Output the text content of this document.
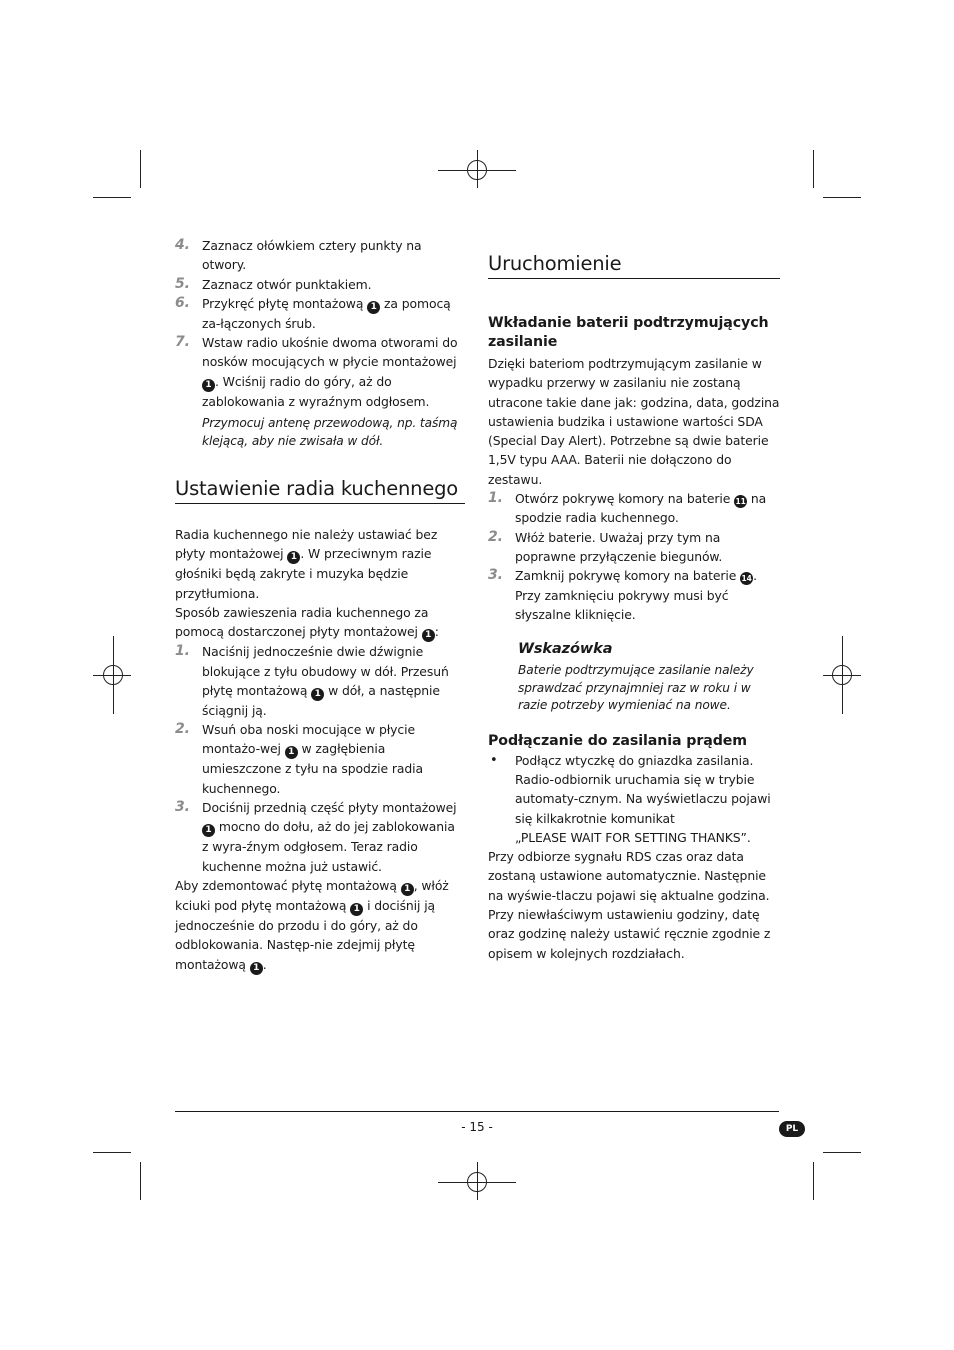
4. Zaznacz ołówkiem cztery punkty na otwory.
5. Zaznacz otwór punktakiem.
6. Przykręć płytę montażową 1 za pomocą za-łączonych śrub.
7. Wstaw radio ukośnie dwoma otworami do nosków mocujących w płycie montażowej 1 . Wciśnij radio do góry, aż do zablokowania z wyraźnym odgłosem.
Przymocuj antenę przewodową, np. taśmą klejącą, aby nie zwisała w dół.
Ustawienie radia kuchennego
Radia kuchennego nie należy ustawiać bez płyty montażowej 1 . W przeciwnym razie głośniki będą zakryte i muzyka będzie przytłumiona.
Sposób zawieszenia radia kuchennego za pomocą dostarczonej płyty montażowej 1 :
1. Naciśnij jednocześnie dwie dźwignie blokujące z tyłu obudowy w dół. Przesuń płytę montażową 1 w dół, a następnie ściągnij ją.
2. Wsuń oba noski mocujące w płycie montażo-wej 1 w zagłębienia umieszczone z tyłu na spodzie radia kuchennego.
3. Dociśnij przednią część płyty montażowej 1 mocno do dołu, aż do jej zablokowania z wyra-źnym odgłosem. Teraz radio kuchenne można już ustawić.
Aby zdemontować płytę montażową 1 , włóż kciuki pod płytę montażową 1 i dociśnij ją jednocześnie do przodu i do góry, aż do odblokowania. Następ-nie zdejmij płytę montażową 1 .
Uruchomienie
Wkładanie baterii podtrzymujących zasilanie
Dzięki bateriom podtrzymującym zasilanie w wypadku przerwy w zasilaniu nie zostaną utracone takie dane jak: godzina, data, godzina ustawienia budzika i ustawione wartości SDA (Special Day Alert). Potrzebne są dwie baterie 1,5V typu AAA. Baterii nie dołączono do zestawu.
1. Otwórz pokrywę komory na baterie 11 na spodzie radia kuchennego.
2. Włóż baterie. Uważaj przy tym na poprawne przyłączenie biegunów.
3. Zamknij pokrywę komory na baterie 14. Przy zamknięciu pokrywy musi być słyszalne kliknięcie.
Wskazówka
Baterie podtrzymujące zasilanie należy sprawdzać przynajmniej raz w roku i w razie potrzeby wymieniać na nowe.
Podłączanie do zasilania prądem
•	Podłącz wtyczkę do gniazdka zasilania. Radio-odbiornik uruchamia się w trybie automaty-cznym. Na wyświetlaczu pojawi się kilkakrotnie komunikat
„PLEASE WAIT FOR SETTING THANKS”.
Przy odbiorze sygnału RDS czas oraz data zostaną ustawione automatycznie. Następnie na wyświe-tlaczu pojawi się aktualne godzina.
Przy niewłaściwym ustawieniu godziny, datę oraz godzinę należy ustawić ręcznie zgodnie z opisem w kolejnych rozdziałach.
- 15 -	PL
